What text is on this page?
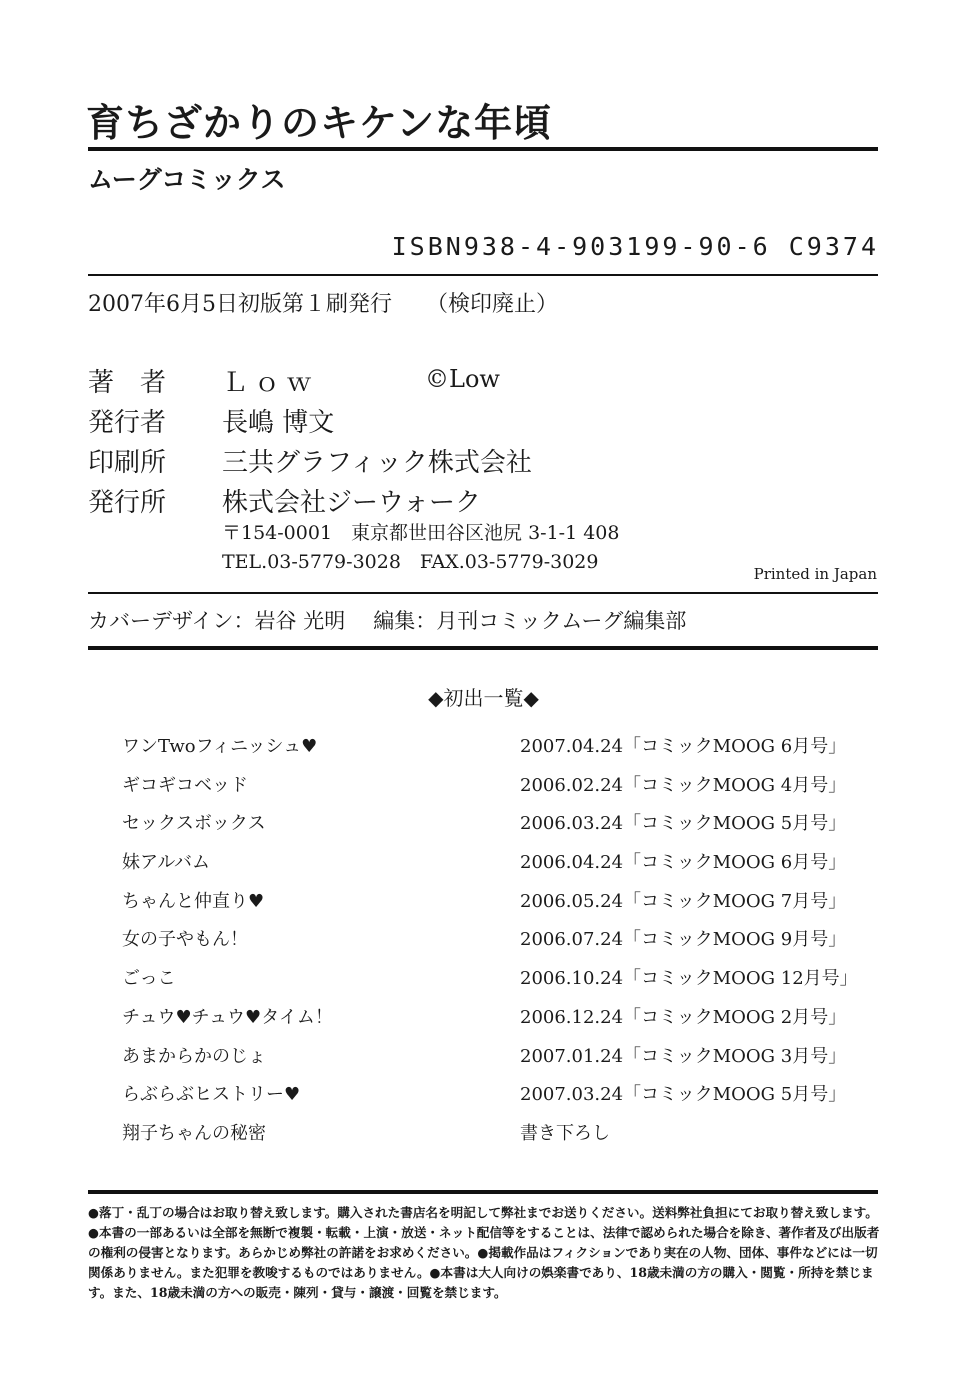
育ちざかりのキケンな年頃
ムーグコミックス
ISBN938-4-903199-90-6 C9374
2007年6月5日初版第１刷発行 （検印廃止）
著　者 Ｌｏｗ	©Low
発行者 長嶋 博文
印刷所 三共グラフィック株式会社
発行所 株式会社ジーウォーク
〒154-0001　東京都世田谷区池尻 3-1-1 408
TEL.03-5779-3028　FAX.03-5779-3029
Printed in Japan
カバーデザイン：岩谷 光明 編集：月刊コミックムーグ編集部
◆初出一覧◆
ワンTwoフィニッシュ♥	2007.04.24「コミックMOOG 6月号」
ギコギコベッド	2006.02.24「コミックMOOG 4月号」
セックスボックス	2006.03.24「コミックMOOG 5月号」
妹アルバム	2006.04.24「コミックMOOG 6月号」
ちゃんと仲直り♥	2006.05.24「コミックMOOG 7月号」
女の子やもん！	2006.07.24「コミックMOOG 9月号」
ごっこ	2006.10.24「コミックMOOG 12月号」
チュウ♥チュウ♥タイム！	2006.12.24「コミックMOOG 2月号」
あまからかのじょ	2007.01.24「コミックMOOG 3月号」
らぶらぶヒストリー♥	2007.03.24「コミックMOOG 5月号」
翔子ちゃんの秘密	書き下ろし
●落丁・乱丁の場合はお取り替え致します。購入された書店名を明記して弊社までお送りください。送料弊社負担にてお取り替え致します。●本書の一部あるいは全部を無断で複製・転載・上演・放送・ネット配信等をすることは、法律で認められた場合を除き、著作者及び出版者の権利の侵害となります。あらかじめ弊社の許諾をお求めください。●掲載作品はフィクションであり実在の人物、団体、事件などには一切関係ありません。また犯罪を教唆するものではありません。●本書は大人向けの娯楽書であり、18歳未満の方の購入・閲覧・所持を禁じます。また、18歳未満の方への販売・陳列・貸与・譲渡・回覧を禁じます。
